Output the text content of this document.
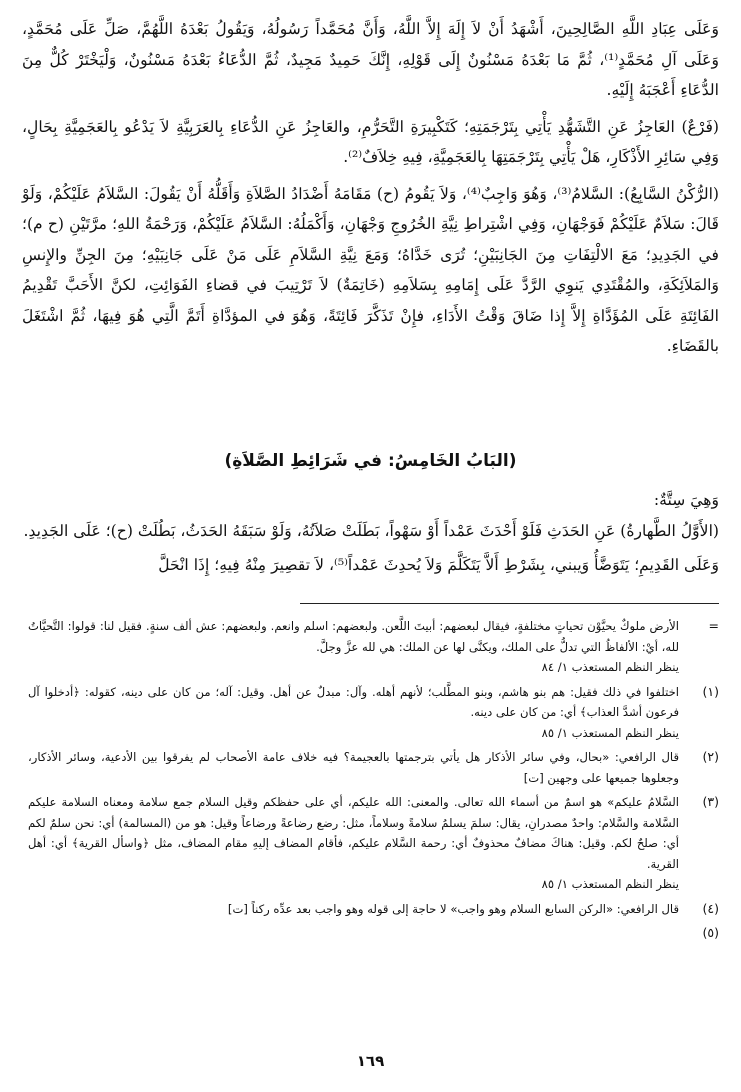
وَعَلَى عِبَادِ اللَّهِ الصَّالِحِينَ، أَشْهَدُ أَنْ لاَ إِلَهَ إِلاَّ اللَّهُ، وَأَنَّ مُحَمَّداً رَسُولُهُ، وَيَقُولُ بَعْدَهُ اللَّهُمَّ، صَلِّ عَلَى مُحَمَّدٍ، وَعَلَى آلِ مُحَمَّدٍ⁽¹⁾، ثُمَّ مَا بَعْدَهُ مَسْنُونٌ إِلَى قَوْلِهِ، إِنَّكَ حَمِيدٌ مَجِيدٌ، ثُمَّ الدُّعَاءُ بَعْدَهُ مَسْنُونٌ، وَلْيَخْتَرْ كُلٌّ مِنَ الدُّعَاءِ أَعْجَبَهُ إِلَيْهِ.

(فَرْعٌ) العَاجِزُ عَنِ التَّشَهُّدِ يَأْتِي بِتَرْجَمَتِهِ؛ كَتَكْبِيرَةِ التَّحَرُّمِ، والعَاجِزُ عَنِ الدُّعَاءِ بِالعَرَبِيَّةِ لاَ يَدْعُو بِالعَجَمِيَّةِ بِحَالٍ، وَفِي سَائِرِ الأَذْكَارِ، هَلْ يَأْتِي بِتَرْجَمَتِهَا بِالعَجَمِيَّةِ، فِيهِ خِلاَفٌ⁽²⁾.

(الرُّكْنُ السَّابِعُ): السَّلامُ⁽³⁾، وَهُوَ وَاجِبٌ⁽⁴⁾، وَلاَ يَقُومُ (ح) مَقَامَهُ أَضْدَادُ الصَّلاَةِ وَأَقَلُّهُ أَنْ يَقُولَ: السَّلاَمُ عَلَيْكُمْ، وَلَوْ قَالَ: سَلاَمٌ عَلَيْكُمْ فَوَجْهَانِ، وَفِي اشْتِراطِ نِيَّةِ الخُرُوجِ وَجْهَانِ، وَأَكْمَلُهُ: السَّلاَمُ عَلَيْكُمْ، وَرَحْمَةُ اللهِ؛ مرَّتَيْنِ (ح م)؛ في الجَدِيدِ؛ مَعَ الالْتِفَاتِ مِنَ الجَانِبَيْنِ؛ تُرَى خَدَّاهُ؛ وَمَعَ نِيَّةِ السَّلاَمِ عَلَى مَنْ عَلَى جَانِبَيْهِ؛ مِنَ الجِنِّ والإِنسِ وَالمَلاَئِكَةِ، والمُقْتَدِي يَنوِي الرَّدَّ عَلَى إِمَامِهِ بِسَلاَمِهِ (خَاتِمَةٌ) لاَ تَرْتِيبَ في قضاءِ الفَوَائِتِ، لكنَّ الأَحَبَّ تَقْدِيمُ الفَائِتَةِ عَلَى المُؤَدَّاةِ إِلاَّ إِذا ضَاقَ وَقْتُ الأَدَاءِ، فإِنْ تَذَكَّرَ فَائِتَةً، وَهُوَ في المؤدَّاةِ أَتَمَّ الَّتِي هُوَ فِيهَا، ثُمَّ اشْتَغَلَ بالقَضَاءِ.

(البَابُ الخَامِسُ: في شَرَائِطِ الصَّلاَةِ)

وَهِيَ سِتَّةٌ:

(الأَوَّلُ الطَّهارةُ) عَنِ الحَدَثِ فَلَوْ أَحْدَثَ عَمْداً أَوْ سَهْواً، بَطَلَتْ صَلاَتُهُ، وَلَوْ سَبَقَهُ الحَدَثُ، بَطُلَتْ (ح)؛ عَلَى الجَدِيدِ.

وَعَلَى القَدِيمِ؛ يَتَوَضَّأُ وَيبني، بِشَرْطِ أَلاَّ يَتَكَلَّمَ وَلاَ يُحدِثَ عَمْداً⁽⁵⁾، لاَ تقصِيرَ مِنْهُ فِيهِ؛ إِذَا انْحَلَّ

=
الأرض ملوكٌ يحيَّوْن تحياتٍ مختلفةٍ، فيقال لبعضهم: أبيتَ اللَّعن. ولبعضهم: اسلم وانعم. ولبعضهم: عش ألف سنةٍ. فقيل لنا: قولوا: التَّحيَّاتُ لله، أيْ: الألفاظُ التي تدلُّ على الملك، ويكنَّى لها عن الملك: هي لله عزَّ وجلَّ.
ينظر النظم المستعذب ١/ ٨٤
(١)
اختلفوا في ذلك فقيل: هم بنو هاشم، وبنو المطَّلب؛ لأنهم أهله. وآل: مبدلٌ عن أهل. وقيل: آله؛ من كان على دينه، كقوله: ﴿أدخلوا آل فرعون أشدَّ العذاب﴾ أي: من كان على دينه.
ينظر النظم المستعذب ١/ ٨٥
(٢)
قال الرافعي: «بحال، وفي سائر الأذكار هل يأتي بترجمتها بالعجيمة؟ فيه خلاف عامة الأصحاب لم يفرقوا بين الأدعية، وسائر الأذكار، وجعلوها جميعها على وجهين [ت]
(٣)
السَّلامُ عليكم» هو اسمٌ من أسماء الله تعالى. والمعنى: الله عليكم، أي على حفظكم وقيل السلام جمع سلامة ومعناه السلامة عليكم السَّلامة والسَّلام: واحدٌ مصدرانِ، يقال: سلمَ يسلمُ سلامةً وسلاماً، مثل: رضع رضاعةً ورضاعاً وقيل: هو من (المسالمة) أي: نحن سلمٌ لكم أي: صلحٌ لكم. وقيل: هناكَ مضافٌ محذوفٌ أي: رحمة السَّلام عليكم، فأقام المضاف إليهِ مقام المضاف، مثل ﴿واسأل القرية﴾ أي: أهل القرية.
ينظر النظم المستعذب ١/ ٨٥
(٤)
قال الرافعي: «الركن السابع السلام وهو واجب» لا حاجة إلى قوله وهو واجب بعد عدِّه ركناً [ت]
(٥)
١٦٩
